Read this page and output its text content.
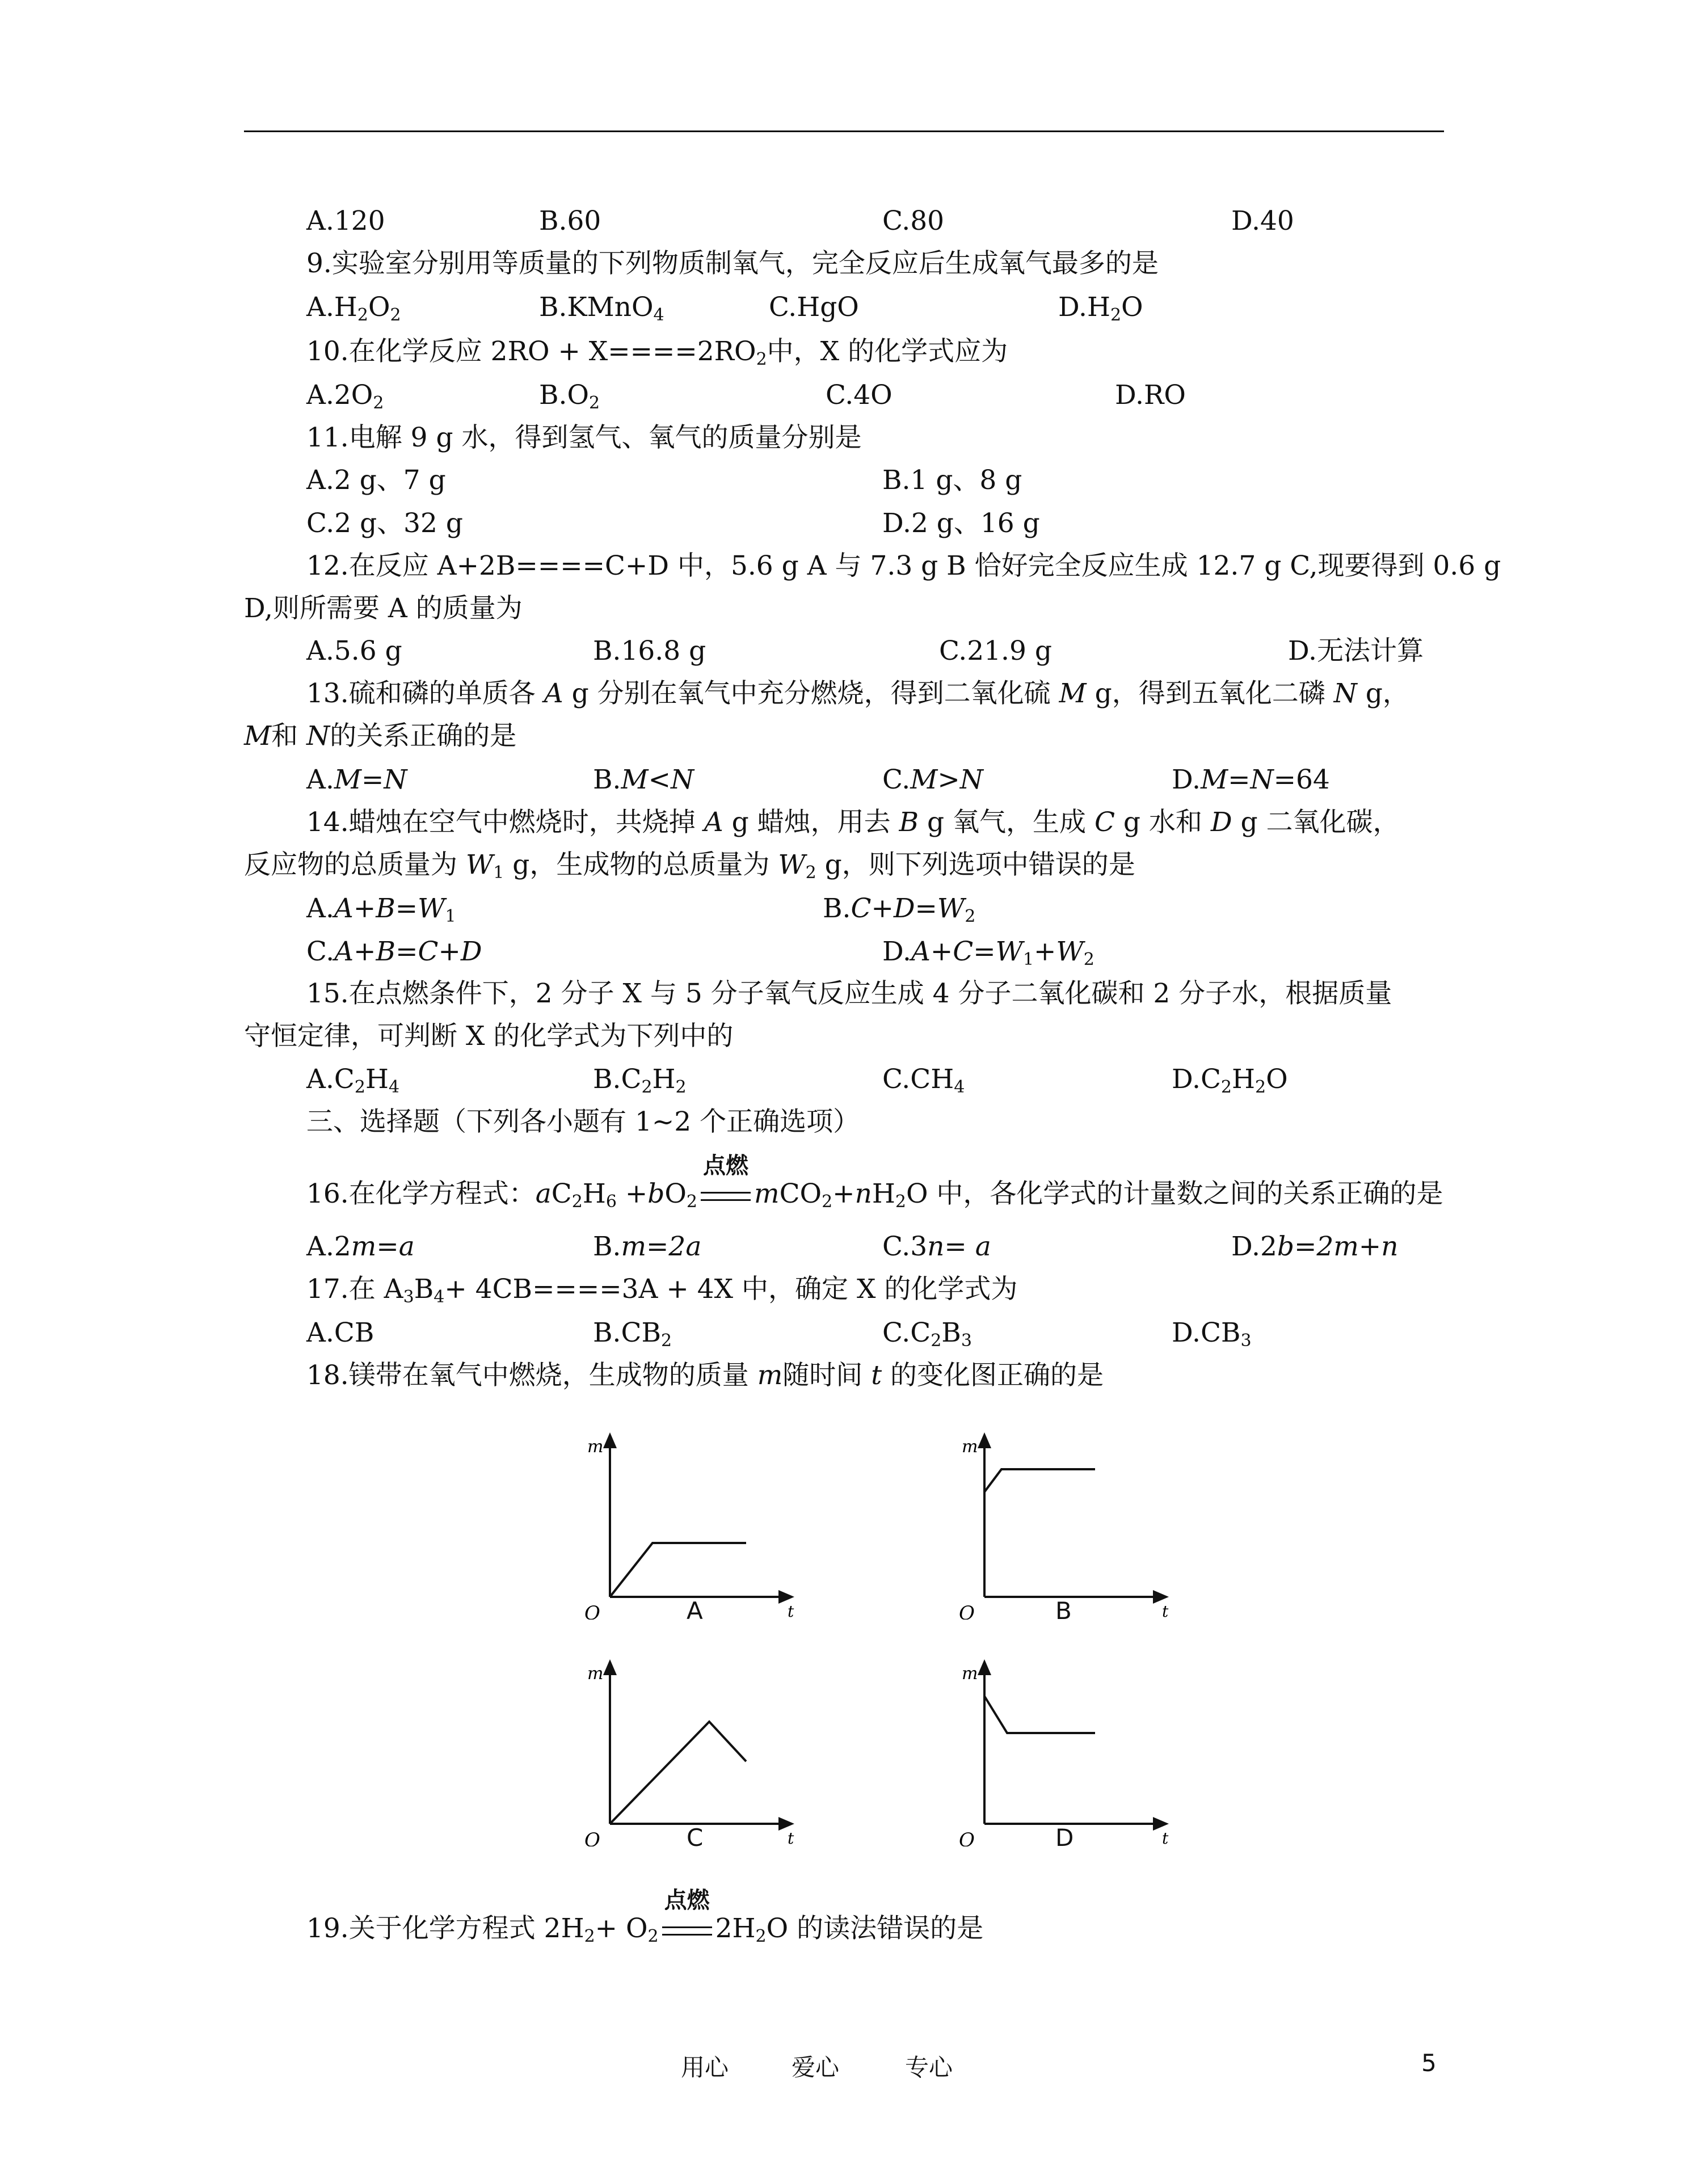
A.120	B.60	C.80	D.40
9.实验室分别用等质量的下列物质制氧气，完全反应后生成氧气最多的是
$A.H_2O_2$	B.KMnO$_4$	C.HgO	$D.H_2O$
10.在化学反应 $2RO + X====2RO_2$中，X 的化学式应为
$A.2O_2$	$B.O_2$	C.4O	D.RO
11.电解 9 g 水，得到氢气、氧气的质量分别是
A.2 g、7 g	B.1 g、8 g
C.2 g、32 g	D.2 g、16 g
12.在反应 A+2B====C+D 中，5.6 g A 与 7.3 g B 恰好完全反应生成 12.7 g C,现要得到 0.6 g
D,则所需要 A 的质量为
A.5.6 g	B.16.8 g	C.21.9 g	D.无法计算
13.硫和磷的单质各 A g 分别在氧气中充分燃烧，得到二氧化硫 M g，得到五氧化二磷 N g，
M和 N的关系正确的是
A.M=N	B.M<N	C.M>N	D.M=N=64
14.蜡烛在空气中燃烧时，共烧掉 A g 蜡烛，用去 B g 氧气，生成 C g 水和 D g 二氧化碳，
反应物的总质量为 $W_1$ g，生成物的总质量为 $W_2$ g，则下列选项中错误的是
$A.A+B=W_1$	$B.C+D=W_2$
C.A+B=C+D	$D.A+C=W_1+W_2$
15.在点燃条件下，2 分子 X 与 5 分子氧气反应生成 4 分子二氧化碳和 2 分子水，根据质量
守恒定律，可判断 X 的化学式为下列中的
$A.C_2H_4$	$B.C_2H_2$	$C.CH_4$	$D.C_2H_2O$
三、选择题（下列各小题有 1~2 个正确选项）
16.在化学方程式：$aC_2H_6 +bO_2$
点燃
$mCO_2+nH_2O$ 中，各化学式的计量数之间的关系正确的是
A.2m=a	B.m=2a	C.3n= a	D.2b=2m+n
17.在 $A_3B_4+ 4CB====3A + 4X$ 中，确定 X 的化学式为
A.CB	$B.CB_2$	$C.C_2B_3$	$D.CB_3$
18.镁带在氧气中燃烧，生成物的质量 m随时间 t 的变化图正确的是
m
O	t
m
O	t
A	B
m
O	t
m
O	t
C	D
19.关于化学方程式 $2H_2+ O_2$
点燃
$2H_2O$ 的读法错误的是
用心	爱心	专心	5
